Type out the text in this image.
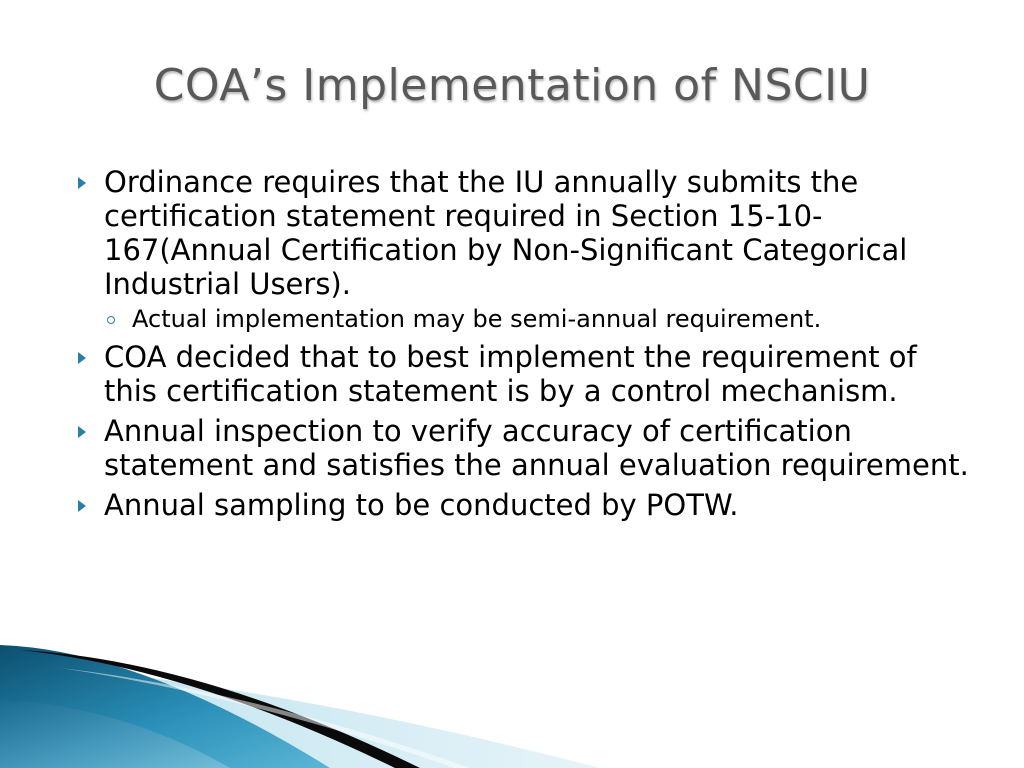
COA’s Implementation of NSCIU
Ordinance requires that the IU annually submits the certification statement required in Section 15-10-167(Annual Certification by Non-Significant Categorical Industrial Users).
Actual implementation may be semi-annual requirement.
COA decided that to best implement the requirement of this certification statement is by a control mechanism.
Annual inspection to verify accuracy of certification statement and satisfies the annual evaluation requirement.
Annual sampling to be conducted by POTW.
